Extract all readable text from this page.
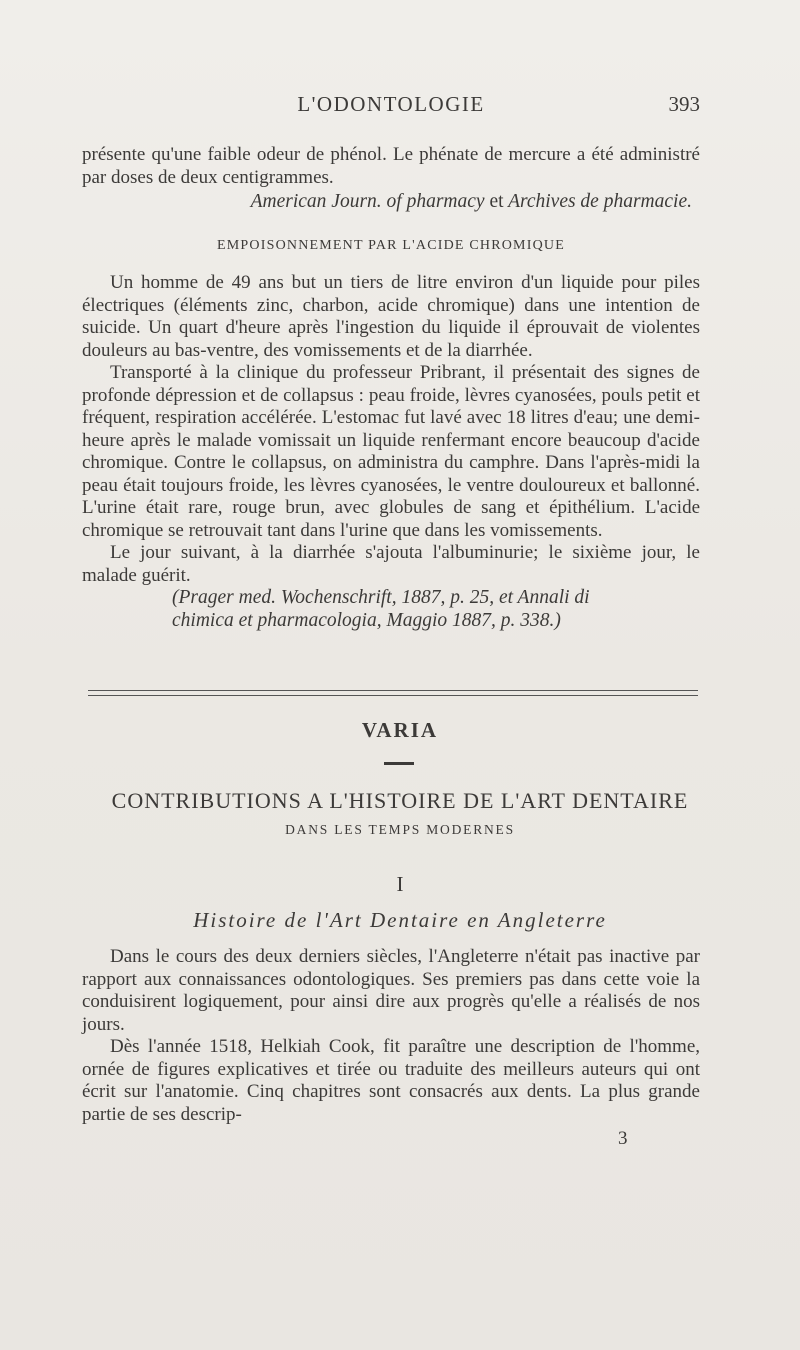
L'ODONTOLOGIE	393

présente qu'une faible odeur de phénol. Le phénate de mercure a été administré par doses de deux centigrammes.

American Journ. of pharmacy et Archives de pharmacie.

EMPOISONNEMENT PAR L'ACIDE CHROMIQUE

Un homme de 49 ans but un tiers de litre environ d'un liquide pour piles électriques (éléments zinc, charbon, acide chromique) dans une intention de suicide. Un quart d'heure après l'ingestion du liquide il éprouvait de violentes douleurs au bas-ventre, des vomissements et de la diarrhée.

Transporté à la clinique du professeur Pribrant, il présentait des signes de profonde dépression et de collapsus : peau froide, lèvres cyanosées, pouls petit et fréquent, respiration accélérée. L'estomac fut lavé avec 18 litres d'eau; une demi-heure après le malade vomissait un liquide renfermant encore beaucoup d'acide chromique. Contre le collapsus, on administra du camphre. Dans l'après-midi la peau était toujours froide, les lèvres cyanosées, le ventre douloureux et ballonné. L'urine était rare, rouge brun, avec globules de sang et épithélium. L'acide chromique se retrouvait tant dans l'urine que dans les vomissements.

Le jour suivant, à la diarrhée s'ajouta l'albuminurie; le sixième jour, le malade guérit.

(Prager med. Wochenschrift, 1887, p. 25, et Annali di

chimica et pharmacologia, Maggio 1887, p. 338.)

VARIA
CONTRIBUTIONS A L'HISTOIRE DE L'ART DENTAIRE
DANS LES TEMPS MODERNES
I
Histoire de l'Art Dentaire en Angleterre

Dans le cours des deux derniers siècles, l'Angleterre n'était pas inactive par rapport aux connaissances odontologiques. Ses premiers pas dans cette voie la conduisirent logiquement, pour ainsi dire aux progrès qu'elle a réalisés de nos jours.

Dès l'année 1518, Helkiah Cook, fit paraître une description de l'homme, ornée de figures explicatives et tirée ou traduite des meilleurs auteurs qui ont écrit sur l'anatomie. Cinq chapitres sont consacrés aux dents. La plus grande partie de ses descrip-

3
